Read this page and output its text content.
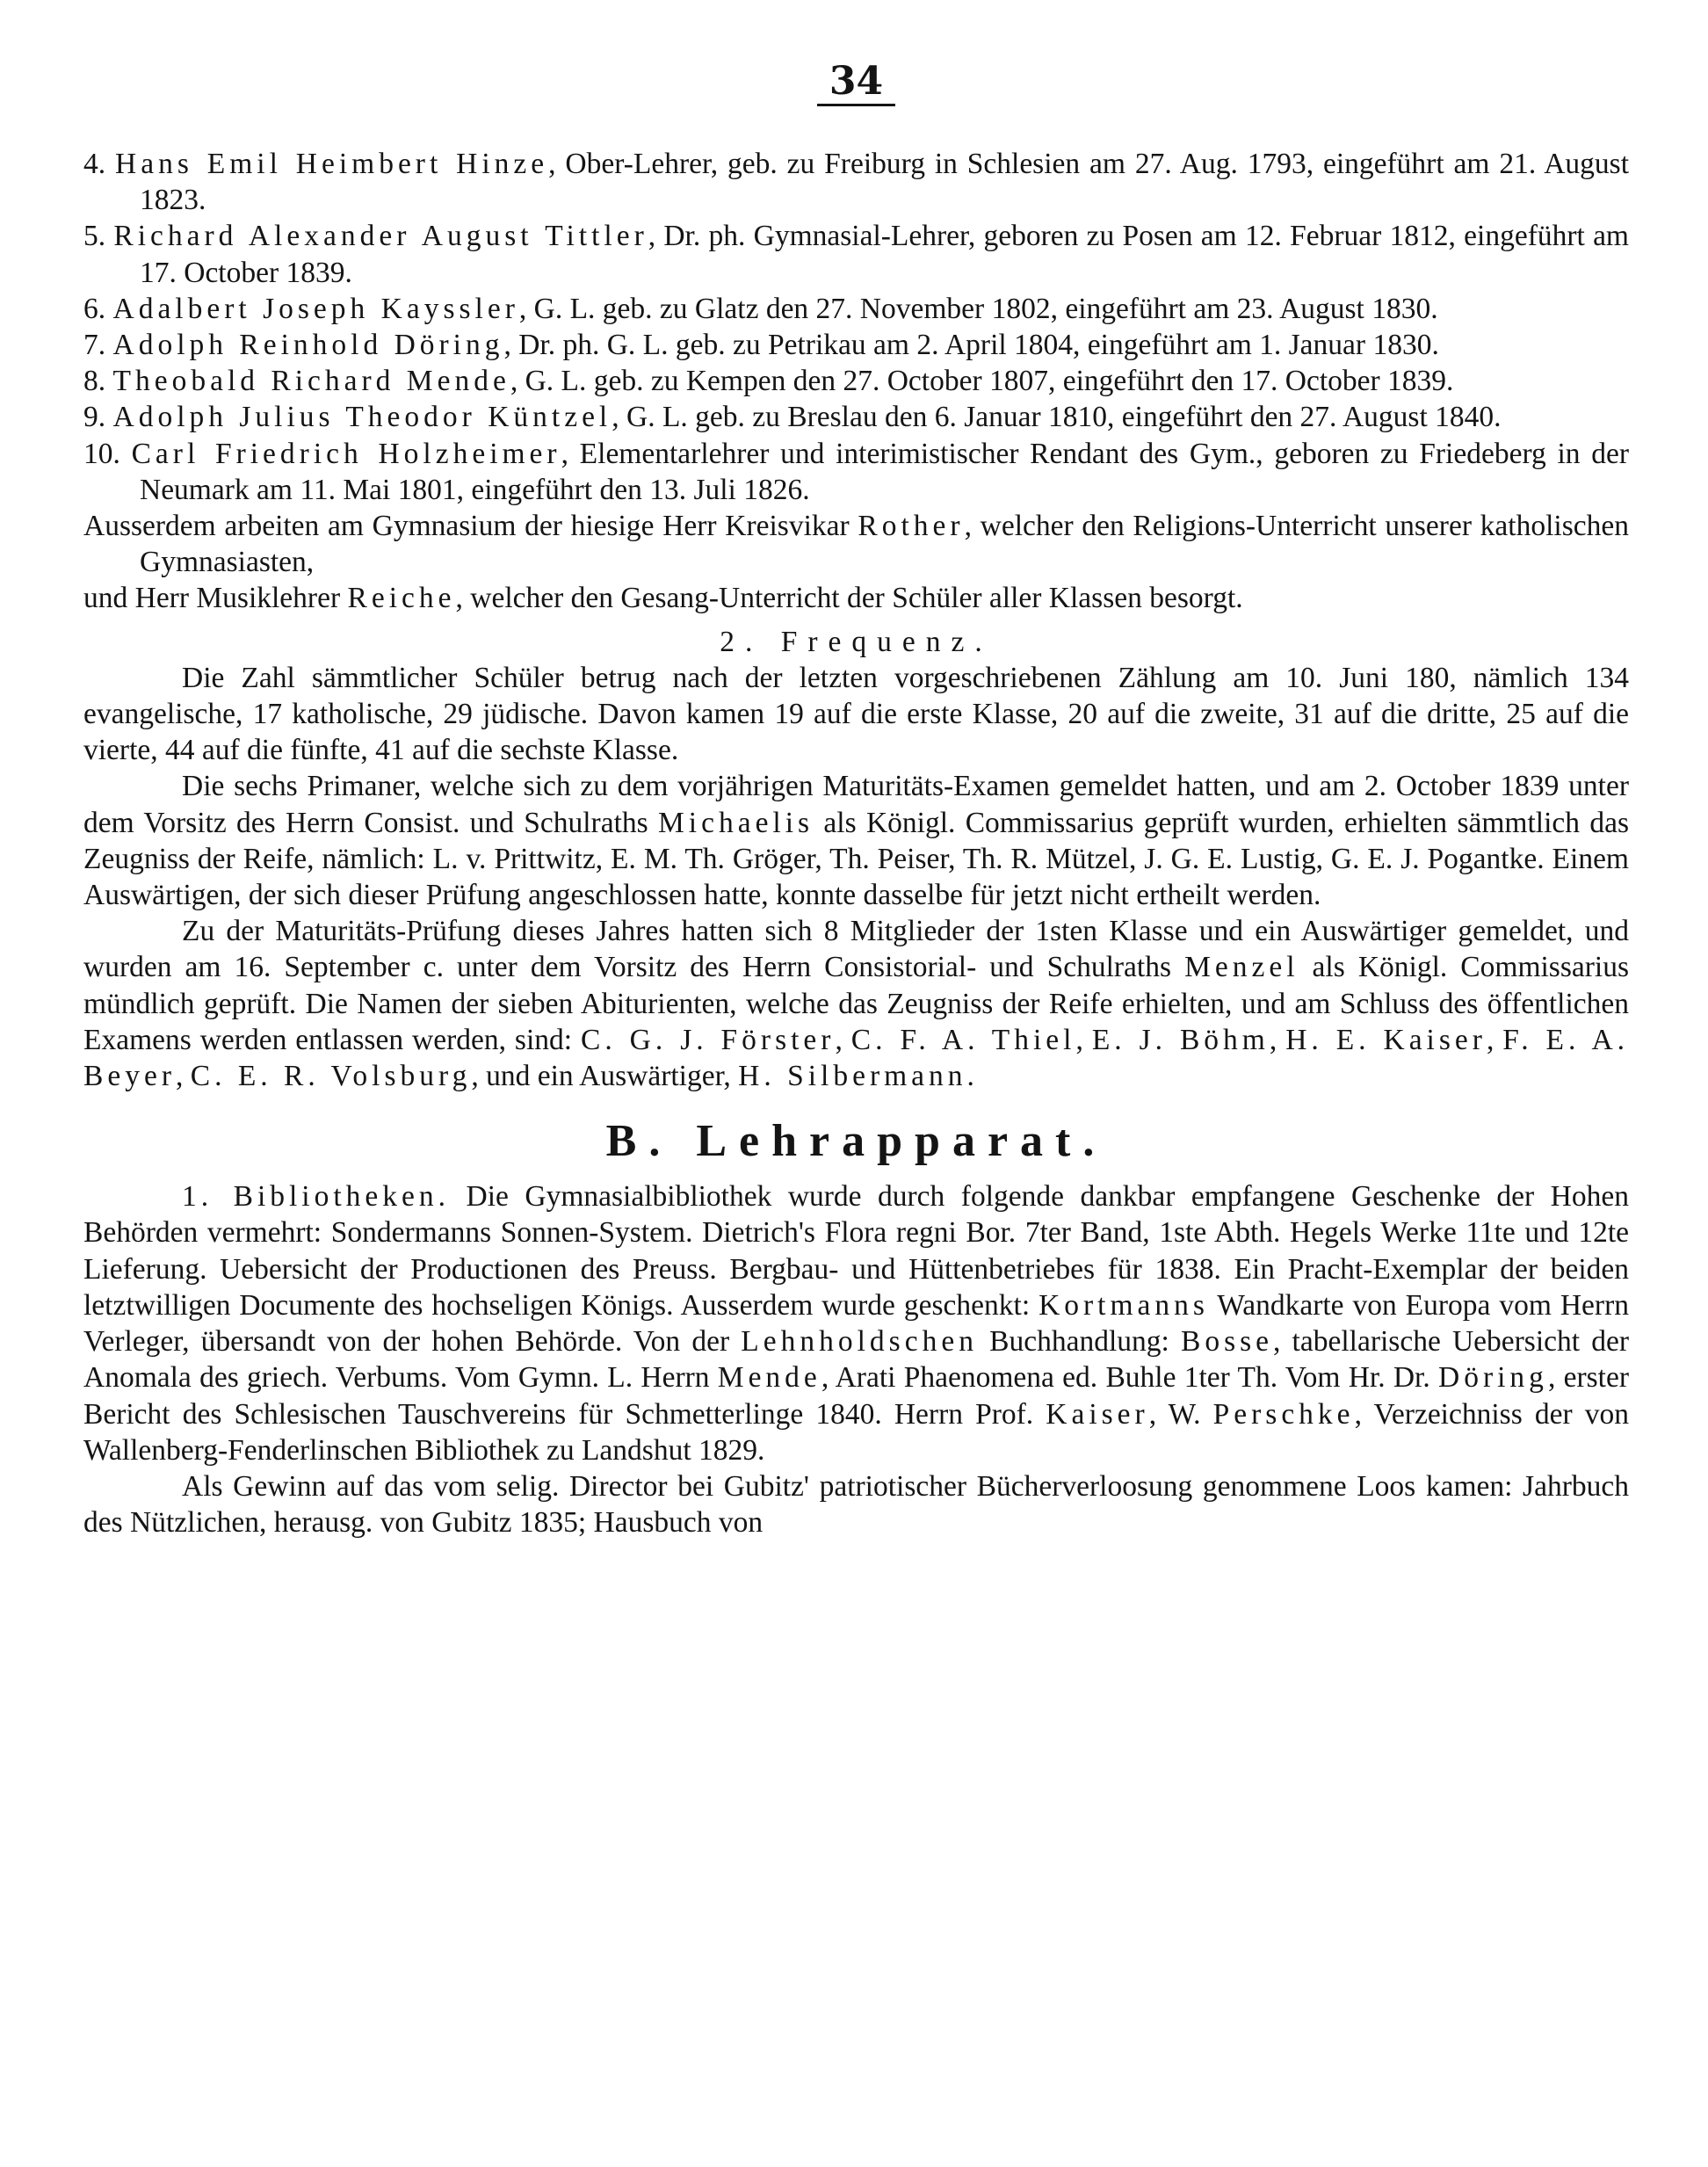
34

4. Hans Emil Heimbert Hinze, Ober-Lehrer, geb. zu Freiburg in Schlesien am 27. Aug. 1793, eingeführt am 21. August 1823.

5. Richard Alexander August Tittler, Dr. ph. Gymnasial-Lehrer, geboren zu Posen am 12. Februar 1812, eingeführt am 17. October 1839.

6. Adalbert Joseph Kayssler, G. L. geb. zu Glatz den 27. November 1802, eingeführt am 23. August 1830.

7. Adolph Reinhold Döring, Dr. ph. G. L. geb. zu Petrikau am 2. April 1804, eingeführt am 1. Januar 1830.

8. Theobald Richard Mende, G. L. geb. zu Kempen den 27. October 1807, eingeführt den 17. October 1839.

9. Adolph Julius Theodor Küntzel, G. L. geb. zu Breslau den 6. Januar 1810, eingeführt den 27. August 1840.

10. Carl Friedrich Holzheimer, Elementarlehrer und interimistischer Rendant des Gym., geboren zu Friedeberg in der Neumark am 11. Mai 1801, eingeführt den 13. Juli 1826.

Ausserdem arbeiten am Gymnasium der hiesige Herr Kreisvikar Rother, welcher den Religions-Unterricht unserer katholischen Gymnasiasten,

und Herr Musiklehrer Reiche, welcher den Gesang-Unterricht der Schüler aller Klassen besorgt.

2. Frequenz.

Die Zahl sämmtlicher Schüler betrug nach der letzten vorgeschriebenen Zählung am 10. Juni 180, nämlich 134 evangelische, 17 katholische, 29 jüdische. Davon kamen 19 auf die erste Klasse, 20 auf die zweite, 31 auf die dritte, 25 auf die vierte, 44 auf die fünfte, 41 auf die sechste Klasse.

Die sechs Primaner, welche sich zu dem vorjährigen Maturitäts-Examen gemeldet hatten, und am 2. October 1839 unter dem Vorsitz des Herrn Consist. und Schulraths Michaelis als Königl. Commissarius geprüft wurden, erhielten sämmtlich das Zeugniss der Reife, nämlich: L. v. Prittwitz, E. M. Th. Gröger, Th. Peiser, Th. R. Mützel, J. G. E. Lustig, G. E. J. Pogantke. Einem Auswärtigen, der sich dieser Prüfung angeschlossen hatte, konnte dasselbe für jetzt nicht ertheilt werden.

Zu der Maturitäts-Prüfung dieses Jahres hatten sich 8 Mitglieder der 1sten Klasse und ein Auswärtiger gemeldet, und wurden am 16. September c. unter dem Vorsitz des Herrn Consistorial- und Schulraths Menzel als Königl. Commissarius mündlich geprüft. Die Namen der sieben Abiturienten, welche das Zeugniss der Reife erhielten, und am Schluss des öffentlichen Examens werden entlassen werden, sind: C. G. J. Förster, C. F. A. Thiel, E. J. Böhm, H. E. Kaiser, F. E. A. Beyer, C. E. R. Volsburg, und ein Auswärtiger, H. Silbermann.

B. Lehrapparat.

1. Bibliotheken. Die Gymnasialbibliothek wurde durch folgende dankbar empfangene Geschenke der Hohen Behörden vermehrt: Sondermanns Sonnen-System. Dietrich's Flora regni Bor. 7ter Band, 1ste Abth. Hegels Werke 11te und 12te Lieferung. Uebersicht der Productionen des Preuss. Bergbau- und Hüttenbetriebes für 1838. Ein Pracht-Exemplar der beiden letztwilligen Documente des hochseligen Königs. Ausserdem wurde geschenkt: Kortmanns Wandkarte von Europa vom Herrn Verleger, übersandt von der hohen Behörde. Von der Lehnholdschen Buchhandlung: Bosse, tabellarische Uebersicht der Anomala des griech. Verbums. Vom Gymn. L. Herrn Mende, Arati Phaenomena ed. Buhle 1ter Th. Vom Hr. Dr. Döring, erster Bericht des Schlesischen Tauschvereins für Schmetterlinge 1840. Herrn Prof. Kaiser, W. Perschke, Verzeichniss der von Wallenberg-Fenderlinschen Bibliothek zu Landshut 1829.

Als Gewinn auf das vom selig. Director bei Gubitz' patriotischer Bücherverloosung genommene Loos kamen: Jahrbuch des Nützlichen, herausg. von Gubitz 1835; Hausbuch von
